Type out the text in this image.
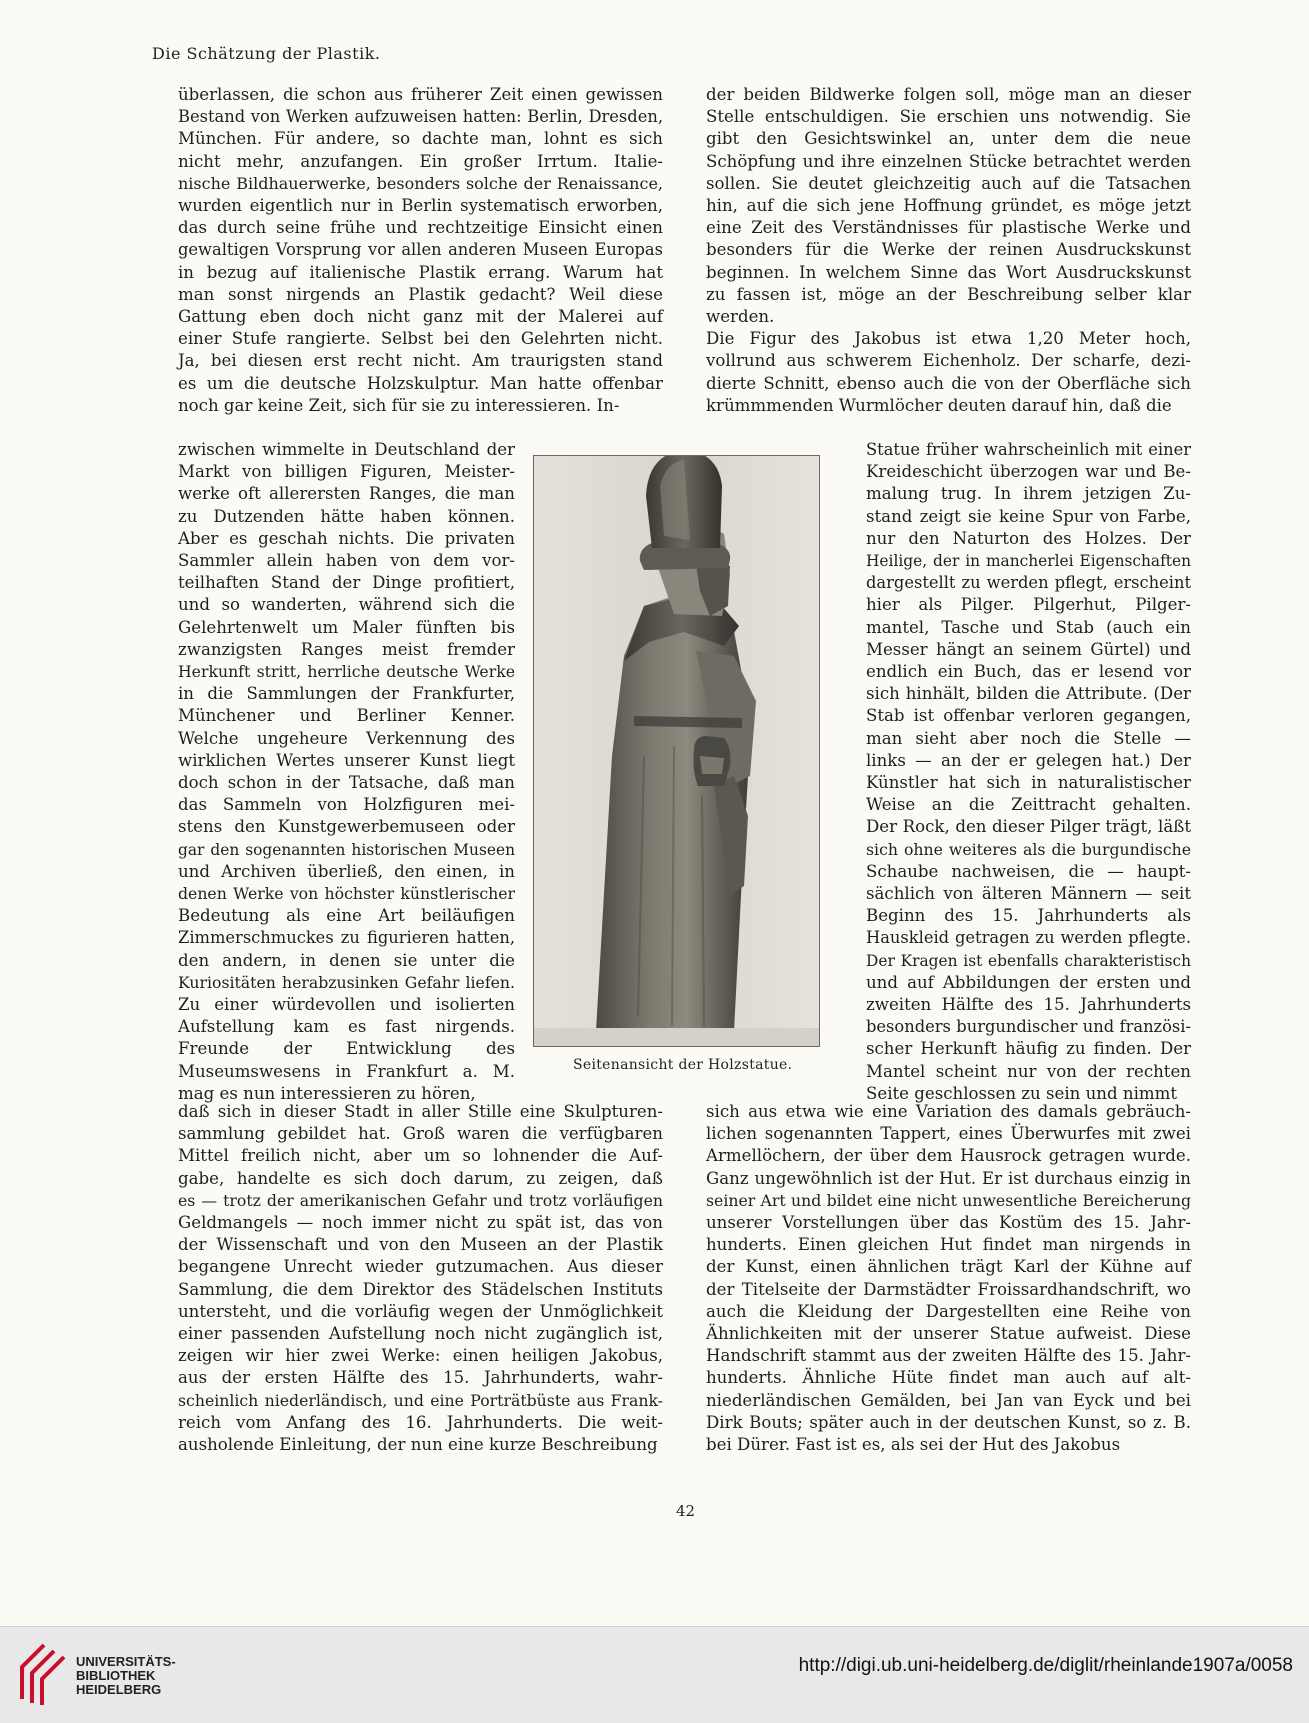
Die Schätzung der Plastik.
überlassen, die schon aus früherer Zeit einen gewissen
Bestand von Werken aufzuweisen hatten: Berlin, Dresden,
München. Für andere, so dachte man, lohnt es sich
nicht mehr, anzufangen. Ein großer Irrtum. Italie-
nische Bildhauerwerke, besonders solche der Renaissance,
wurden eigentlich nur in Berlin systematisch erworben,
das durch seine frühe und rechtzeitige Einsicht einen
gewaltigen Vorsprung vor allen anderen Museen Europas
in bezug auf italienische Plastik errang. Warum hat
man sonst nirgends an Plastik gedacht? Weil diese
Gattung eben doch nicht ganz mit der Malerei auf
einer Stufe rangierte. Selbst bei den Gelehrten nicht.
Ja, bei diesen erst recht nicht. Am traurigsten stand
es um die deutsche Holzskulptur. Man hatte offenbar
noch gar keine Zeit, sich für sie zu interessieren. In-
zwischen wimmelte in Deutschland der
Markt von billigen Figuren, Meister-
werke oft allerersten Ranges, die man
zu Dutzenden hätte haben können.
Aber es geschah nichts. Die privaten
Sammler allein haben von dem vor-
teilhaften Stand der Dinge profitiert,
und so wanderten, während sich die
Gelehrtenwelt um Maler fünften bis
zwanzigsten Ranges meist fremder
Herkunft stritt, herrliche deutsche Werke
in die Sammlungen der Frankfurter,
Münchener und Berliner Kenner.
Welche ungeheure Verkennung des
wirklichen Wertes unserer Kunst liegt
doch schon in der Tatsache, daß man
das Sammeln von Holzfiguren mei-
stens den Kunstgewerbemuseen oder
gar den sogenannten historischen Museen
und Archiven überließ, den einen, in
denen Werke von höchster künstlerischer
Bedeutung als eine Art beiläufigen
Zimmerschmuckes zu figurieren hatten,
den andern, in denen sie unter die
Kuriositäten herabzusinken Gefahr liefen.
Zu einer würdevollen und isolierten
Aufstellung kam es fast nirgends.
Freunde der Entwicklung des
Museumswesens in Frankfurt a. M.
mag es nun interessieren zu hören,
daß sich in dieser Stadt in aller Stille eine Skulpturen-
sammlung gebildet hat. Groß waren die verfügbaren
Mittel freilich nicht, aber um so lohnender die Auf-
gabe, handelte es sich doch darum, zu zeigen, daß
es — trotz der amerikanischen Gefahr und trotz vorläufigen
Geldmangels — noch immer nicht zu spät ist, das von
der Wissenschaft und von den Museen an der Plastik
begangene Unrecht wieder gutzumachen. Aus dieser
Sammlung, die dem Direktor des Städelschen Instituts
untersteht, und die vorläufig wegen der Unmöglichkeit
einer passenden Aufstellung noch nicht zugänglich ist,
zeigen wir hier zwei Werke: einen heiligen Jakobus,
aus der ersten Hälfte des 15. Jahrhunderts, wahr-
scheinlich niederländisch, und eine Porträtbüste aus Frank-
reich vom Anfang des 16. Jahrhunderts. Die weit-
ausholende Einleitung, der nun eine kurze Beschreibung
der beiden Bildwerke folgen soll, möge man an dieser
Stelle entschuldigen. Sie erschien uns notwendig. Sie
gibt den Gesichtswinkel an, unter dem die neue
Schöpfung und ihre einzelnen Stücke betrachtet werden
sollen. Sie deutet gleichzeitig auch auf die Tatsachen
hin, auf die sich jene Hoffnung gründet, es möge jetzt
eine Zeit des Verständnisses für plastische Werke und
besonders für die Werke der reinen Ausdruckskunst
beginnen. In welchem Sinne das Wort Ausdruckskunst
zu fassen ist, möge an der Beschreibung selber klar
werden.
Die Figur des Jakobus ist etwa 1,20 Meter hoch,
vollrund aus schwerem Eichenholz. Der scharfe, dezi-
dierte Schnitt, ebenso auch die von der Oberfläche sich
krümmmenden Wurmlöcher deuten darauf hin, daß die
Statue früher wahrscheinlich mit einer
Kreideschicht überzogen war und Be-
malung trug. In ihrem jetzigen Zu-
stand zeigt sie keine Spur von Farbe,
nur den Naturton des Holzes. Der
Heilige, der in mancherlei Eigenschaften
dargestellt zu werden pflegt, erscheint
hier als Pilger. Pilgerhut, Pilger-
mantel, Tasche und Stab (auch ein
Messer hängt an seinem Gürtel) und
endlich ein Buch, das er lesend vor
sich hinhält, bilden die Attribute. (Der
Stab ist offenbar verloren gegangen,
man sieht aber noch die Stelle —
links — an der er gelegen hat.) Der
Künstler hat sich in naturalistischer
Weise an die Zeittracht gehalten.
Der Rock, den dieser Pilger trägt, läßt
sich ohne weiteres als die burgundische
Schaube nachweisen, die — haupt-
sächlich von älteren Männern — seit
Beginn des 15. Jahrhunderts als
Hauskleid getragen zu werden pflegte.
Der Kragen ist ebenfalls charakteristisch
und auf Abbildungen der ersten und
zweiten Hälfte des 15. Jahrhunderts
besonders burgundischer und französi-
scher Herkunft häufig zu finden. Der
Mantel scheint nur von der rechten
Seite geschlossen zu sein und nimmt
sich aus etwa wie eine Variation des damals gebräuch-
lichen sogenannten Tappert, eines Überwurfes mit zwei
Armellöchern, der über dem Hausrock getragen wurde.
Ganz ungewöhnlich ist der Hut. Er ist durchaus einzig in
seiner Art und bildet eine nicht unwesentliche Bereicherung
unserer Vorstellungen über das Kostüm des 15. Jahr-
hunderts. Einen gleichen Hut findet man nirgends in
der Kunst, einen ähnlichen trägt Karl der Kühne auf
der Titelseite der Darmstädter Froissardhandschrift, wo
auch die Kleidung der Dargestellten eine Reihe von
Ähnlichkeiten mit der unserer Statue aufweist. Diese
Handschrift stammt aus der zweiten Hälfte des 15. Jahr-
hunderts. Ähnliche Hüte findet man auch auf alt-
niederländischen Gemälden, bei Jan van Eyck und bei
Dirk Bouts; später auch in der deutschen Kunst, so z. B.
bei Dürer. Fast ist es, als sei der Hut des Jakobus
Seitenansicht der Holzstatue.
42
UNIVERSITÄTS-
BIBLIOTHEK
HEIDELBERG
http://digi.ub.uni-heidelberg.de/diglit/rheinlande1907a/0058
